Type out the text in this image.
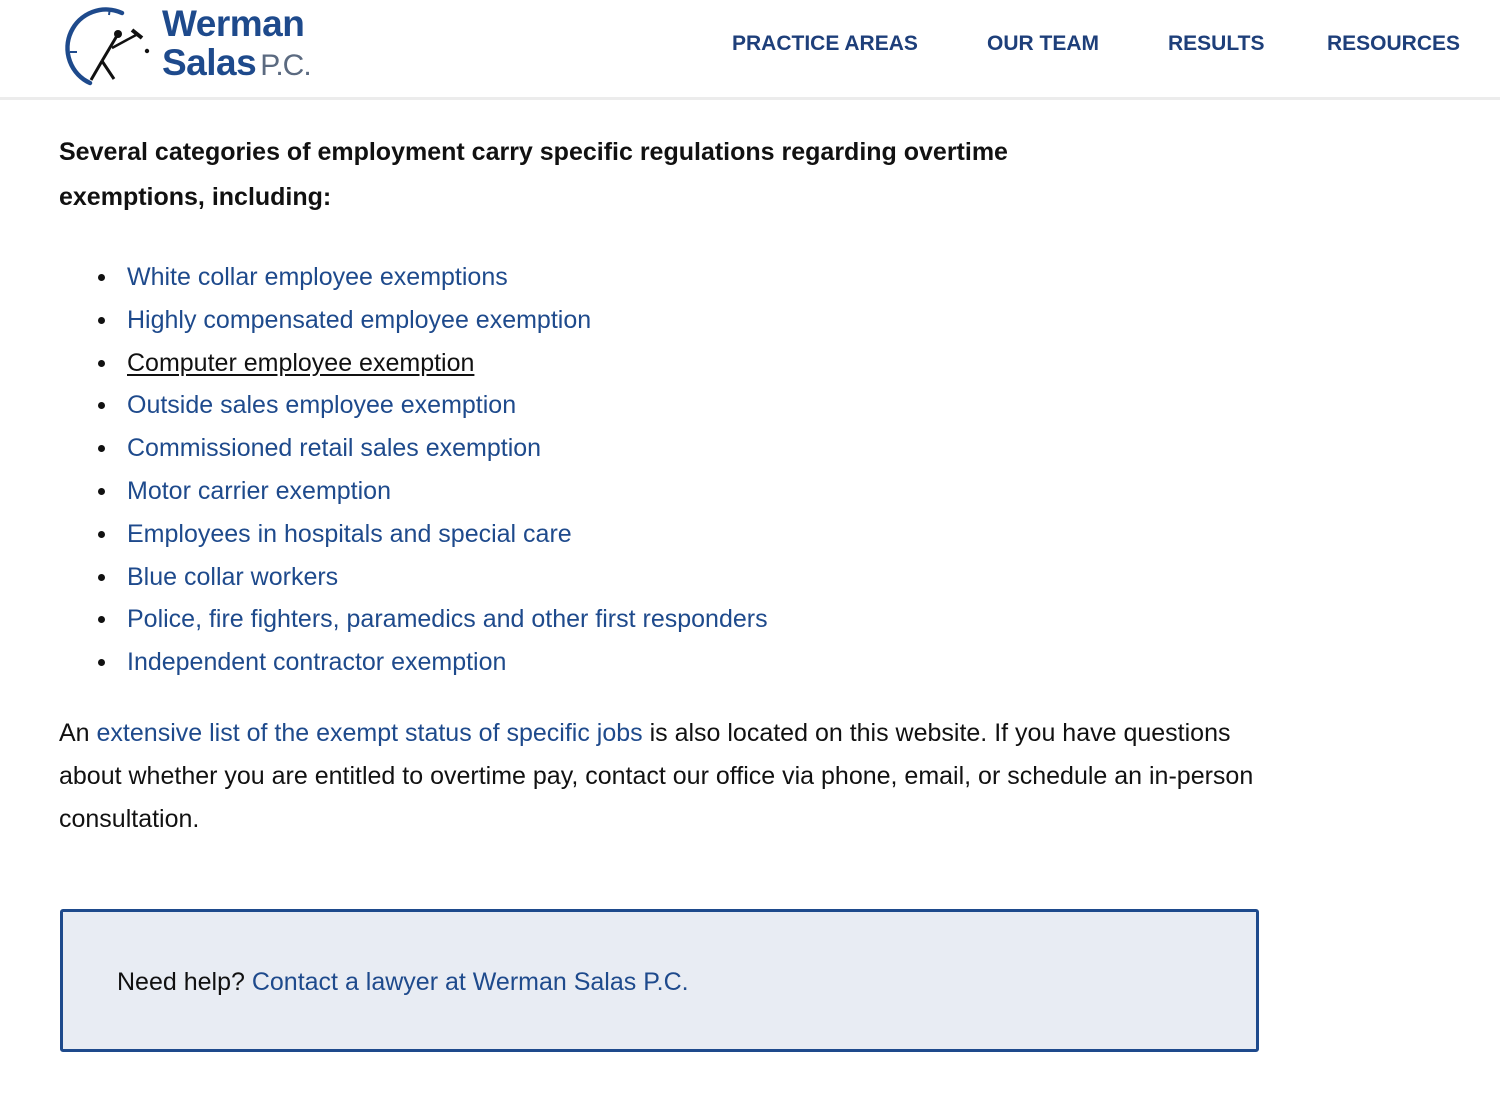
Werman
Salas P.C.
PRACTICE AREAS	OUR TEAM	RESULTS	RESOURCES

Several categories of employment carry specific regulations regarding overtime exemptions, including:

White collar employee exemptions
Highly compensated employee exemption
Computer employee exemption
Outside sales employee exemption
Commissioned retail sales exemption
Motor carrier exemption
Employees in hospitals and special care
Blue collar workers
Police, fire fighters, paramedics and other first responders
Independent contractor exemption

An extensive list of the exempt status of specific jobs is also located on this website. If you have questions about whether you are entitled to overtime pay, contact our office via phone, email, or schedule an in-person consultation.

Need help? Contact a lawyer at Werman Salas P.C.
